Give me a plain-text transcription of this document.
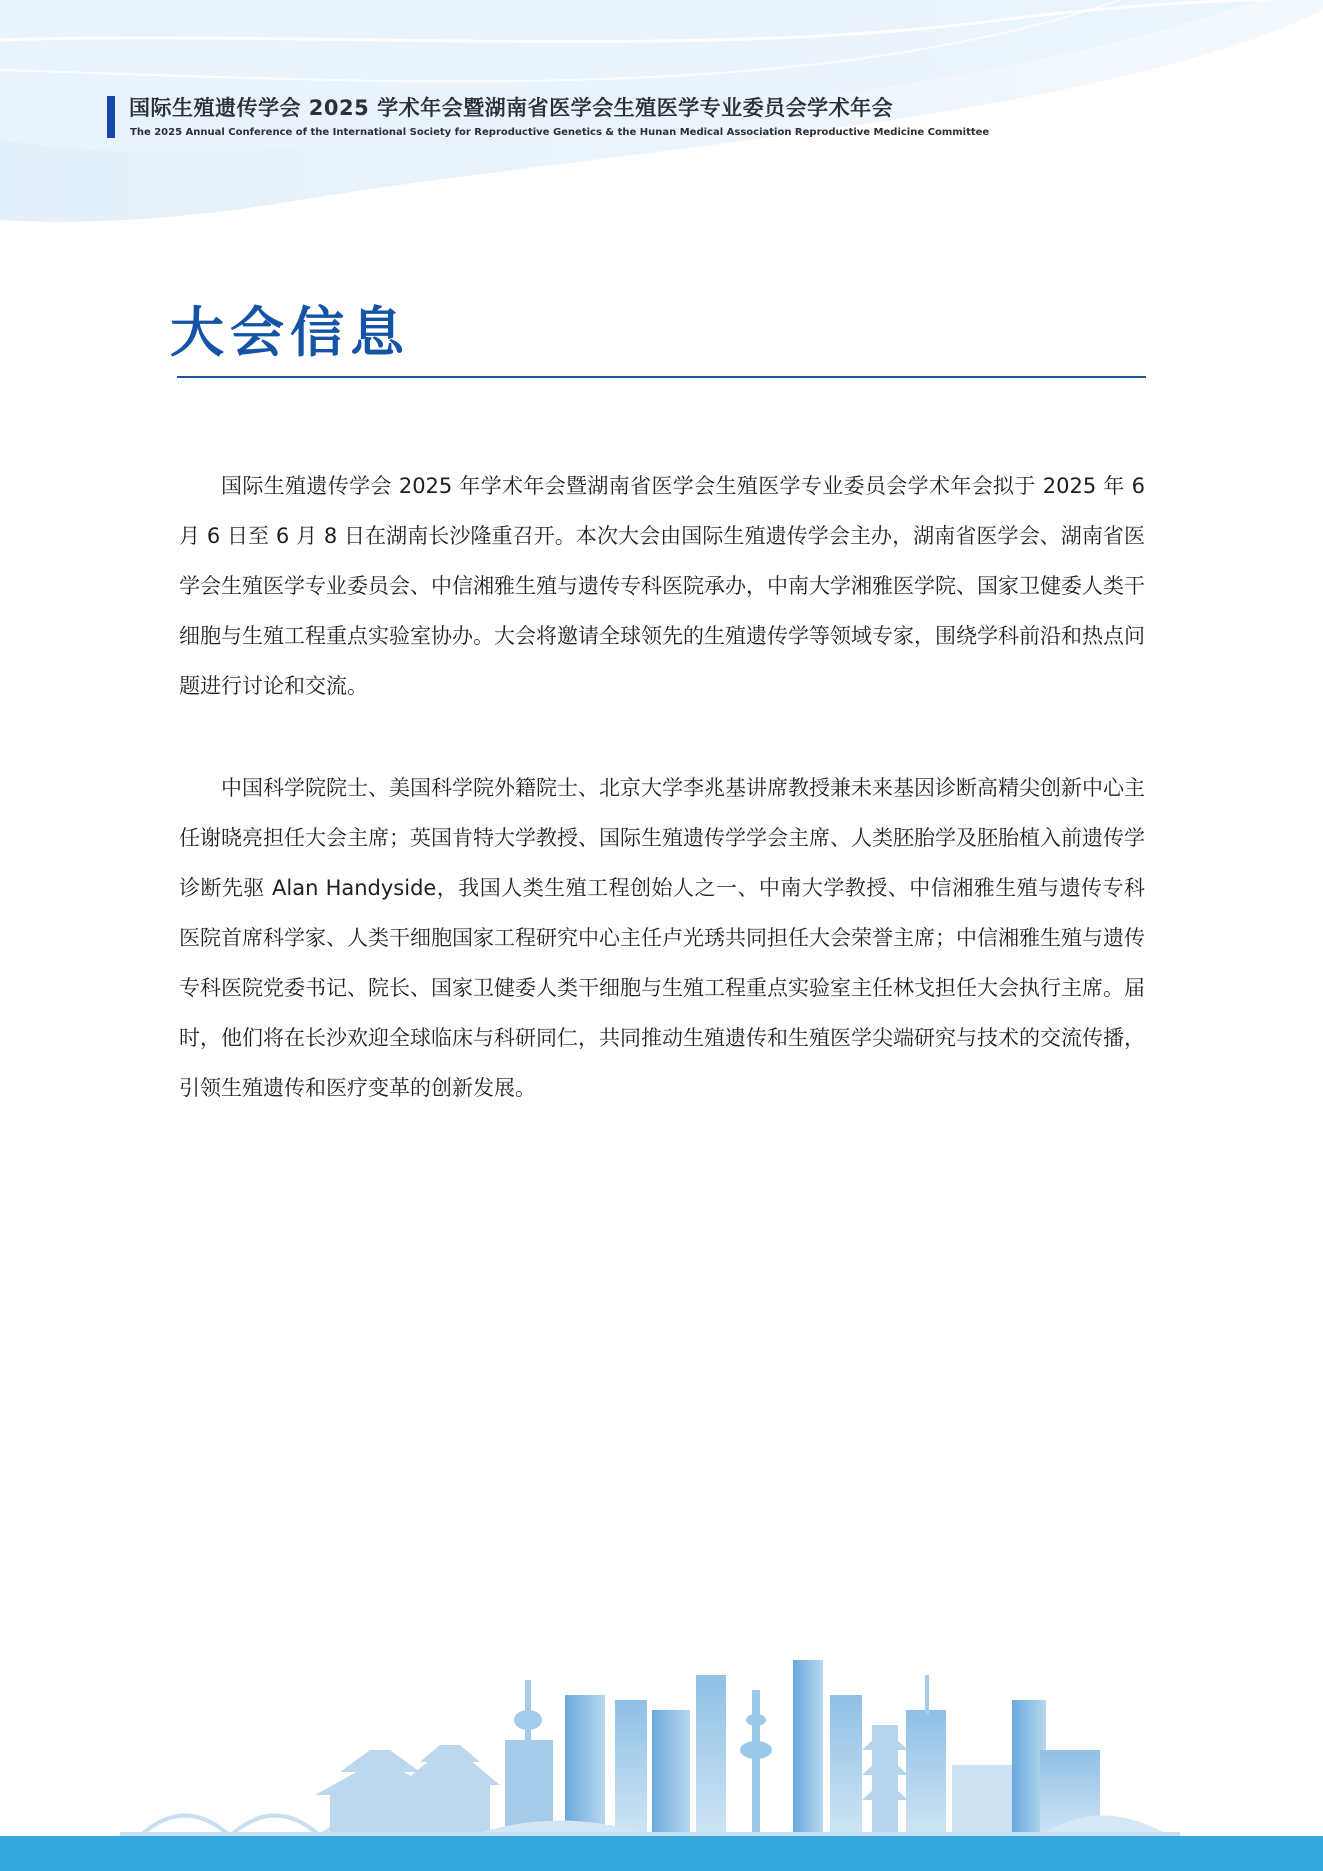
国际生殖遗传学会 2025 学术年会暨湖南省医学会生殖医学专业委员会学术年会
The 2025 Annual Conference of the International Society for Reproductive Genetics & the Hunan Medical Association Reproductive Medicine Committee
大会信息

国际生殖遗传学会 2025 年学术年会暨湖南省医学会生殖医学专业委员会学术年会拟于 2025 年 6 月 6 日至 6 月 8 日在湖南长沙隆重召开。本次大会由国际生殖遗传学会主办，湖南省医学会、湖南省医学会生殖医学专业委员会、中信湘雅生殖与遗传专科医院承办，中南大学湘雅医学院、国家卫健委人类干细胞与生殖工程重点实验室协办。大会将邀请全球领先的生殖遗传学等领域专家，围绕学科前沿和热点问题进行讨论和交流。

中国科学院院士、美国科学院外籍院士、北京大学李兆基讲席教授兼未来基因诊断高精尖创新中心主任谢晓亮担任大会主席；英国肯特大学教授、国际生殖遗传学学会主席、人类胚胎学及胚胎植入前遗传学诊断先驱 Alan Handyside，我国人类生殖工程创始人之一、中南大学教授、中信湘雅生殖与遗传专科医院首席科学家、人类干细胞国家工程研究中心主任卢光琇共同担任大会荣誉主席；中信湘雅生殖与遗传专科医院党委书记、院长、国家卫健委人类干细胞与生殖工程重点实验室主任林戈担任大会执行主席。届时，他们将在长沙欢迎全球临床与科研同仁，共同推动生殖遗传和生殖医学尖端研究与技术的交流传播，引领生殖遗传和医疗变革的创新发展。
